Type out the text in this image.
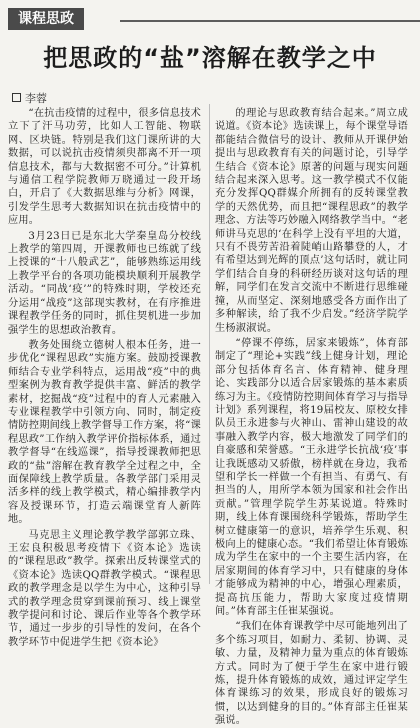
课程思政
把思政的“盐”溶解在教学之中
李蓉

“在抗击疫情的过程中，很多信息技术立下了汗马功劳，比如人工智能、物联网、区块链。特别是我们这门课所讲的大数据，可以说抗击疫情须臾都离不开一项信息技术，都与大数据密不可分。”计算机与通信工程学院教师万晓通过一段开场白，开启了《大数据思维与分析》网课，引发学生思考大数据知识在抗击疫情中的应用。

3月23日已是东北大学秦皇岛分校线上教学的第四周，开课教师也已练就了线上授课的“十八般武艺”，能够熟练运用线上教学平台的各项功能模块顺利开展教学活动。“同战‘疫’”的特殊时期，学校还充分运用“战疫”这部现实教材，在有序推进课程教学任务的同时，抓住契机进一步加强学生的思想政治教育。

教务处围绕立德树人根本任务，进一步优化“课程思政”实施方案。鼓励授课教师结合专业学科特点，运用战“疫”中的典型案例为教育教学提供丰富、鲜活的教学素材，挖掘战“疫”过程中的育人元素融入专业课程教学中引领方向、同时，制定疫情防控期间线上教学督导工作方案，将“课程思政”工作纳入教学评价指标体系，通过教学督导“在线巡课”，指导授课教师把思政的“盐”溶解在教育教学全过程之中，全面保障线上教学质量。各教学部门采用灵活多样的线上教学模式，精心编排教学内容及授课环节，打造云端课堂育人新阵地。

马克思主义理论教学教学部郭立珠、王宏良积极思考疫情下《资本论》选读的“课程思政”教学。探索出反转课堂式的《资本论》选读QQ群教学模式。“课程思政的教学理念是以学生为中心，这种引导式的教学理念贯穿到课前预习、线上课堂教学提问和讨论、课后作业等各个教学环节，通过一步步的引导性的发问，在各个教学环节中促进学生把《资本论》

的理论与思政教育结合起来。”周立成说道。《资本论》选读课上，每个课堂导语都能结合微信号的设计、教师从开课伊始提出与思政教育有关的问题讨论，引导学生结合《资本论》原著的问题与现实问题结合起来深入思考。这一教学模式不仅能充分发挥QQ群媒介所拥有的反转课堂教学的天然优势，而且把“课程思政”的教学理念、方法等巧妙融入网络教学当中。“老师讲马克思的‘在科学上没有平坦的大道，只有不畏劳苦沿着陡峭山路攀登的人，才有希望达到光辉的顶点’这句话时，就让同学们结合自身的科研经历谈对这句话的理解，同学们在发言交流中不断进行思维碰撞，从而坚定、深刻地感受各方面作出了多种解读，给了我不少启发。”经济学院学生杨淑淑说。

“停课不停练，居家来锻炼”，体育部制定了“理论+实践”线上健身计划，理论部分包括体育名言、体育精神、健身理论、实践部分以适合居家锻炼的基本素质练习为主。《疫情防控期间体育学习与指导计划》系列课程，将19届校友、原校女排队员王永进参与火神山、雷神山建设的故事融入教学内容，极大地激发了同学们的自豪感和荣誉感。“王永进学长抗战‘疫’事让我既感动又骄傲，榜样就在身边，我希望和学长一样做一个有担当、有勇气、有担当的人，用所学本领为国家和社会作出贡献。”管理学院学生苏某说道。特殊时期，线上体育课围绕科学锻炼，帮助学生树立健康第一的意识，培养学生乐观、积极向上的健康心态。“我们希望让体育锻炼成为学生在家中的一个主要生活内容，在居家期间的体育学习中，只有健康的身体才能够成为精神的中心，增强心理素质，提高抗压能力，帮助大家度过疫情期间。”体育部主任崔某强说。

“我们在体育课教学中尽可能地列出了多个练习项目，如耐力、柔韧、协调、灵敏、力量，及精神力量为重点的体育锻炼方式。同时为了便于学生在家中进行锻炼，提升体育锻炼的成效，通过评定学生体育课练习的效果，形成良好的锻炼习惯，以达到健身的目的。”体育部主任崔某强说。
